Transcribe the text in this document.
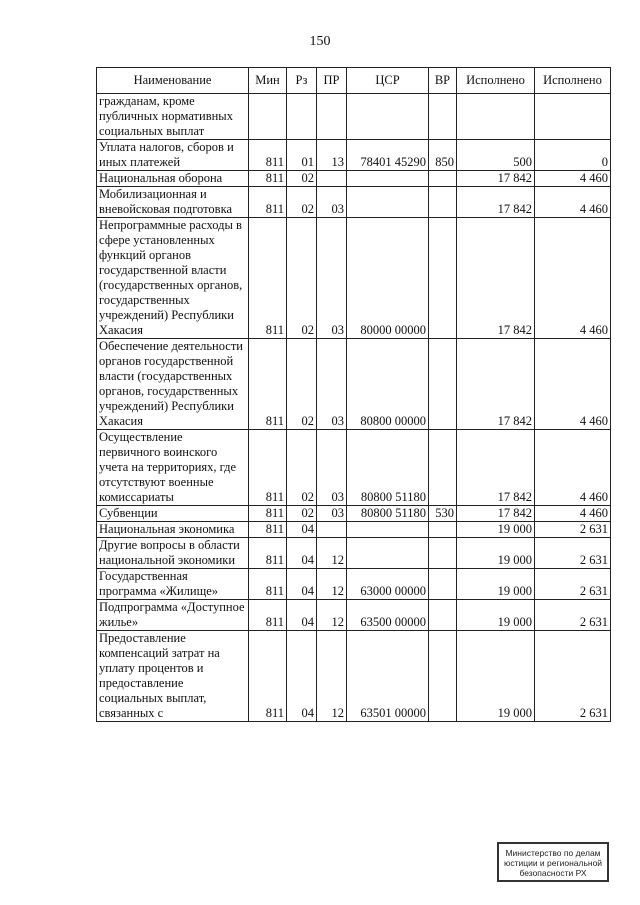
150
Наименование	Мин	Рз	ПР	ЦСР	ВР	Исполнено	Исполнено
гражданам, кроме публичных нормативных социальных выплат							
Уплата налогов, сборов и иных платежей	811	01	13	78401 45290	850	500	0
Национальная оборона	811	02				17 842	4 460
Мобилизационная и вневойсковая подготовка	811	02	03			17 842	4 460
Непрограммные расходы в сфере установленных функций органов государственной власти (государственных органов, государственных учреждений) Республики Хакасия	811	02	03	80000 00000		17 842	4 460
Обеспечение деятельности органов государственной власти (государственных органов, государственных учреждений) Республики Хакасия	811	02	03	80800 00000		17 842	4 460
Осуществление первичного воинского учета на территориях, где отсутствуют военные комиссариаты	811	02	03	80800 51180		17 842	4 460
Субвенции	811	02	03	80800 51180	530	17 842	4 460
Национальная экономика	811	04				19 000	2 631
Другие вопросы в области национальной экономики	811	04	12			19 000	2 631
Государственная программа «Жилище»	811	04	12	63000 00000		19 000	2 631
Подпрограмма «Доступное жилье»	811	04	12	63500 00000		19 000	2 631
Предоставление компенсаций затрат на уплату процентов и предоставление социальных выплат, связанных с	811	04	12	63501 00000		19 000	2 631
Министерство по делам
юстиции и региональной
безопасности РХ
